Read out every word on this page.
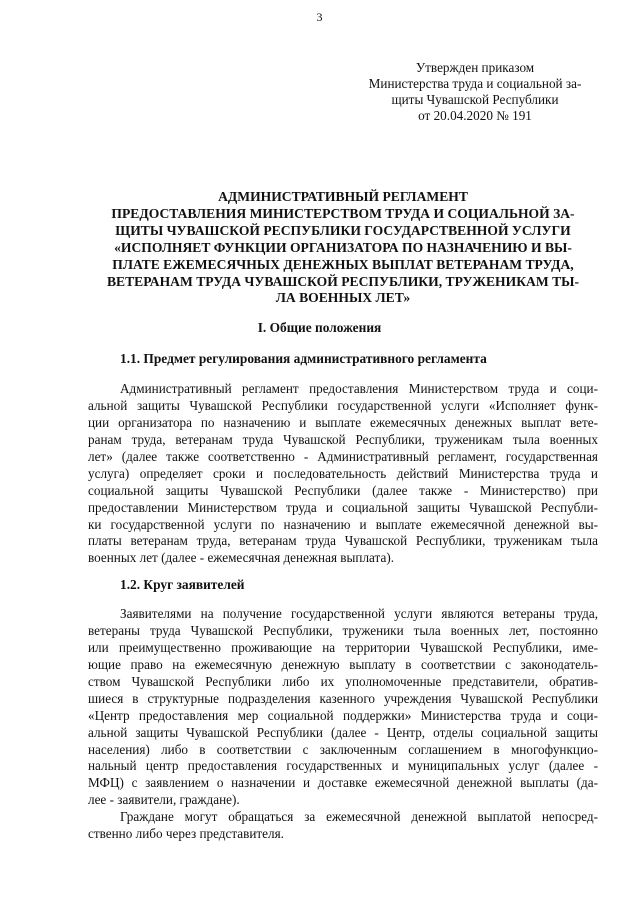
3
Утвержден приказом
Министерства труда и социальной за-
щиты Чувашской Республики
от 20.04.2020 № 191
АДМИНИСТРАТИВНЫЙ РЕГЛАМЕНТ
ПРЕДОСТАВЛЕНИЯ МИНИСТЕРСТВОМ ТРУДА И СОЦИАЛЬНОЙ ЗА-
ЩИТЫ ЧУВАШСКОЙ РЕСПУБЛИКИ ГОСУДАРСТВЕННОЙ УСЛУГИ
«ИСПОЛНЯЕТ ФУНКЦИИ ОРГАНИЗАТОРА ПО НАЗНАЧЕНИЮ И ВЫ-
ПЛАТЕ ЕЖЕМЕСЯЧНЫХ ДЕНЕЖНЫХ ВЫПЛАТ ВЕТЕРАНАМ ТРУДА,
ВЕТЕРАНАМ ТРУДА ЧУВАШСКОЙ РЕСПУБЛИКИ, ТРУЖЕНИКАМ ТЫ-
ЛА ВОЕННЫХ ЛЕТ»
I. Общие положения
1.1. Предмет регулирования административного регламента
Административный регламент предоставления Министерством труда и соци-
альной защиты Чувашской Республики государственной услуги «Исполняет функ-
ции организатора по назначению и выплате ежемесячных денежных выплат вете-
ранам труда, ветеранам труда Чувашской Республики, труженикам тыла военных
лет» (далее также соответственно - Административный регламент, государственная
услуга) определяет сроки и последовательность действий Министерства труда и
социальной защиты Чувашской Республики (далее также - Министерство) при
предоставлении Министерством труда и социальной защиты Чувашской Республи-
ки государственной услуги по назначению и выплате ежемесячной денежной вы-
платы ветеранам труда, ветеранам труда Чувашской Республики, труженикам тыла
военных лет (далее - ежемесячная денежная выплата).
1.2. Круг заявителей
Заявителями на получение государственной услуги являются ветераны труда,
ветераны труда Чувашской Республики, труженики тыла военных лет, постоянно
или преимущественно проживающие на территории Чувашской Республики, име-
ющие право на ежемесячную денежную выплату в соответствии с законодатель-
ством Чувашской Республики либо их уполномоченные представители, обратив-
шиеся в структурные подразделения казенного учреждения Чувашской Республики
«Центр предоставления мер социальной поддержки» Министерства труда и соци-
альной защиты Чувашской Республики (далее - Центр, отделы социальной защиты
населения) либо в соответствии с заключенным соглашением в многофункцио-
нальный центр предоставления государственных и муниципальных услуг (далее -
МФЦ) с заявлением о назначении и доставке ежемесячной денежной выплаты (да-
лее - заявители, граждане).
Граждане могут обращаться за ежемесячной денежной выплатой непосред-
ственно либо через представителя.
